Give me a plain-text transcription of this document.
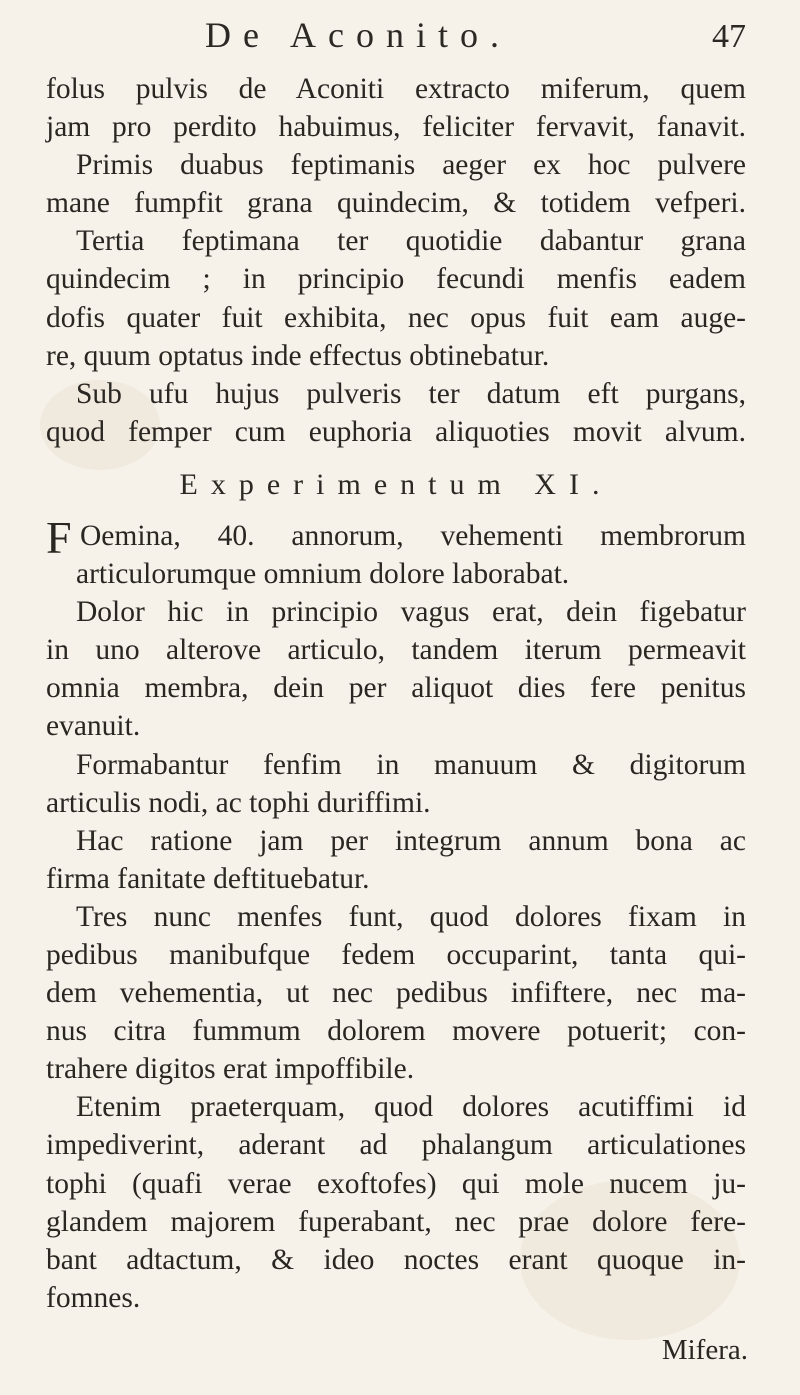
De Aconito.	47
folus pulvis de Aconiti extracto miferum, quem
jam pro perdito habuimus, feliciter fervavit, fanavit.
Primis duabus feptimanis aeger ex hoc pulvere
mane fumpfit grana quindecim, & totidem vefperi.
Tertia feptimana ter quotidie dabantur grana
quindecim ; in principio fecundi menfis eadem
dofis quater fuit exhibita, nec opus fuit eam auge-
re, quum optatus inde effectus obtinebatur.
Sub ufu hujus pulveris ter datum eft purgans,
quod femper cum euphoria aliquoties movit alvum.
Experimentum XI.
F Oemina, 40. annorum, vehementi membrorum
articulorumque omnium dolore laborabat.
Dolor hic in principio vagus erat, dein figebatur
in uno alterove articulo, tandem iterum permeavit
omnia membra, dein per aliquot dies fere penitus
evanuit.
Formabantur fenfim in manuum & digitorum
articulis nodi, ac tophi duriffimi.
Hac ratione jam per integrum annum bona ac
firma fanitate deftituebatur.
Tres nunc menfes funt, quod dolores fixam in
pedibus manibufque fedem occuparint, tanta qui-
dem vehementia, ut nec pedibus infiftere, nec ma-
nus citra fummum dolorem movere potuerit; con-
trahere digitos erat impoffibile.
Etenim praeterquam, quod dolores acutiffimi id
impediverint, aderant ad phalangum articulationes
tophi (quafi verae exoftofes) qui mole nucem ju-
glandem majorem fuperabant, nec prae dolore fere-
bant adtactum, & ideo noctes erant quoque in-
fomnes.
Mifera.
